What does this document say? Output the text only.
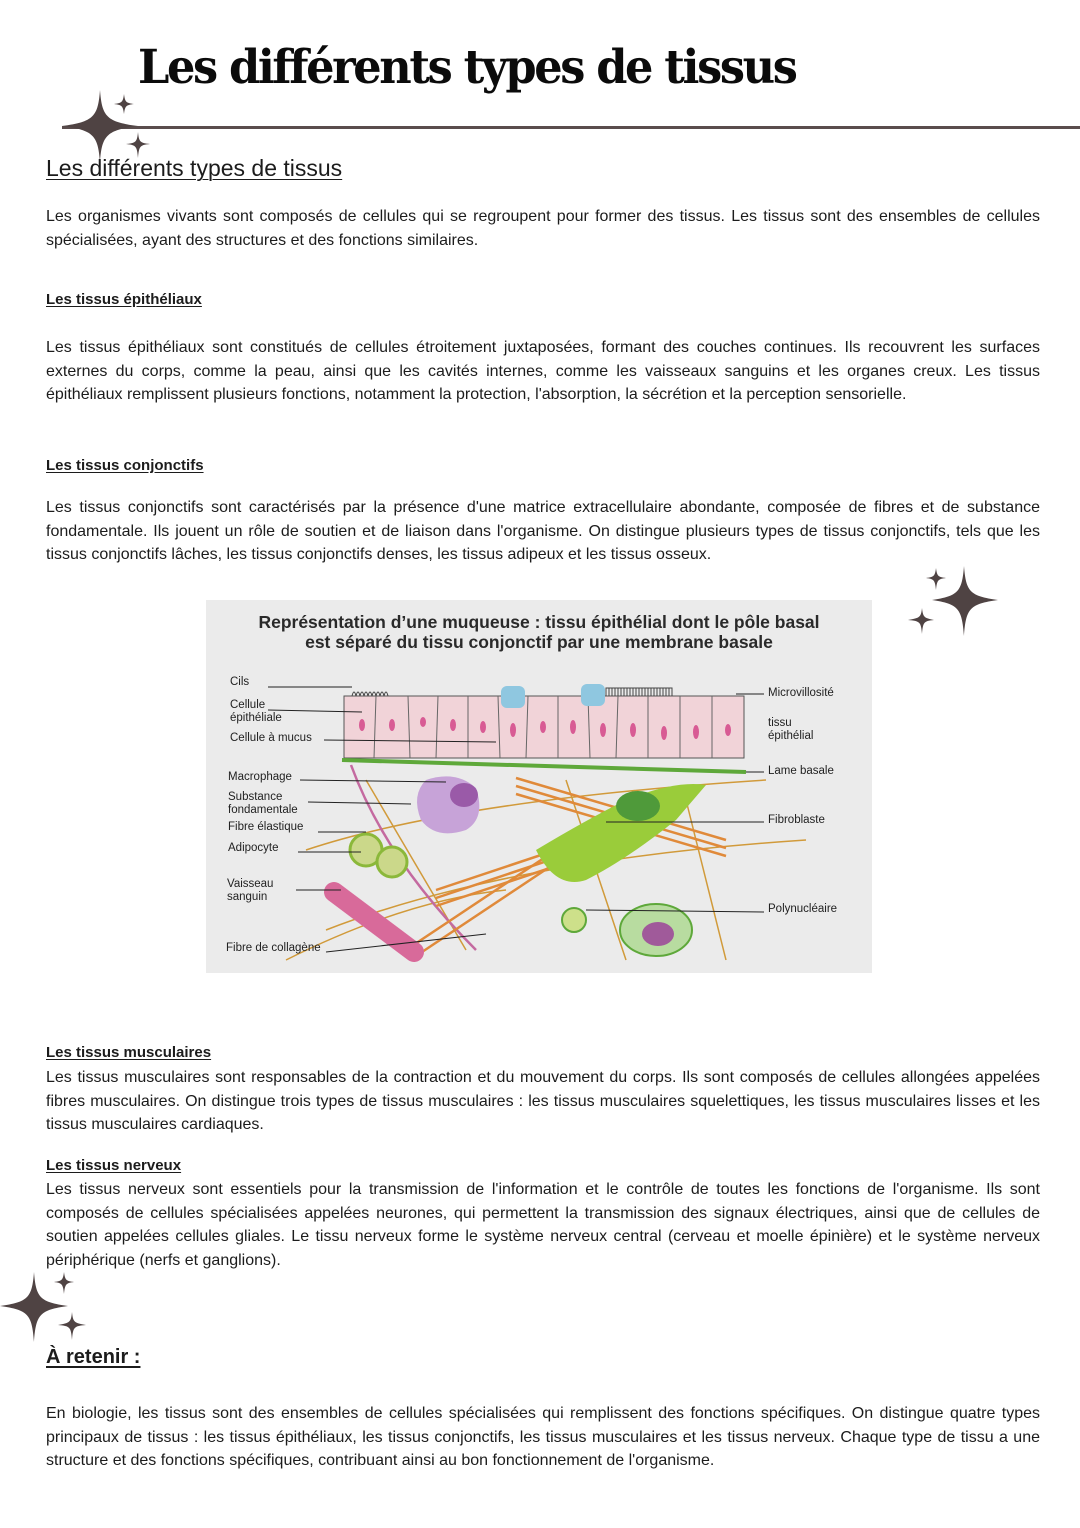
Les différents types de tissus
Les différents types de tissus
Les organismes vivants sont composés de cellules qui se regroupent pour former des tissus. Les tissus sont des ensembles de cellules spécialisées, ayant des structures et des fonctions similaires.
Les tissus épithéliaux
Les tissus épithéliaux sont constitués de cellules étroitement juxtaposées, formant des couches continues. Ils recouvrent les surfaces externes du corps, comme la peau, ainsi que les cavités internes, comme les vaisseaux sanguins et les organes creux. Les tissus épithéliaux remplissent plusieurs fonctions, notamment la protection, l'absorption, la sécrétion et la perception sensorielle.
Les tissus conjonctifs
Les tissus conjonctifs sont caractérisés par la présence d'une matrice extracellulaire abondante, composée de fibres et de substance fondamentale. Ils jouent un rôle de soutien et de liaison dans l'organisme. On distingue plusieurs types de tissus conjonctifs, tels que les tissus conjonctifs lâches, les tissus conjonctifs denses, les tissus adipeux et les tissus osseux.
Représentation d’une muqueuse : tissu épithélial dont le pôle basal
est séparé du tissu conjonctif par une membrane basale
Cils
Cellule épithéliale
Cellule à mucus
Macrophage
Substance fondamentale
Fibre élastique
Adipocyte
Vaisseau sanguin
Fibre de collagène
Microvillosité
tissu épithélial
Lame basale
Fibroblaste
Polynucléaire
Les tissus musculaires
Les tissus musculaires sont responsables de la contraction et du mouvement du corps. Ils sont composés de cellules allongées appelées fibres musculaires. On distingue trois types de tissus musculaires : les tissus musculaires squelettiques, les tissus musculaires lisses et les tissus musculaires cardiaques.
Les tissus nerveux
Les tissus nerveux sont essentiels pour la transmission de l'information et le contrôle de toutes les fonctions de l'organisme. Ils sont composés de cellules spécialisées appelées neurones, qui permettent la transmission des signaux électriques, ainsi que de cellules de soutien appelées cellules gliales. Le tissu nerveux forme le système nerveux central (cerveau et moelle épinière) et le système nerveux périphérique (nerfs et ganglions).
À retenir :
En biologie, les tissus sont des ensembles de cellules spécialisées qui remplissent des fonctions spécifiques. On distingue quatre types principaux de tissus : les tissus épithéliaux, les tissus conjonctifs, les tissus musculaires et les tissus nerveux. Chaque type de tissu a une structure et des fonctions spécifiques, contribuant ainsi au bon fonctionnement de l'organisme.
